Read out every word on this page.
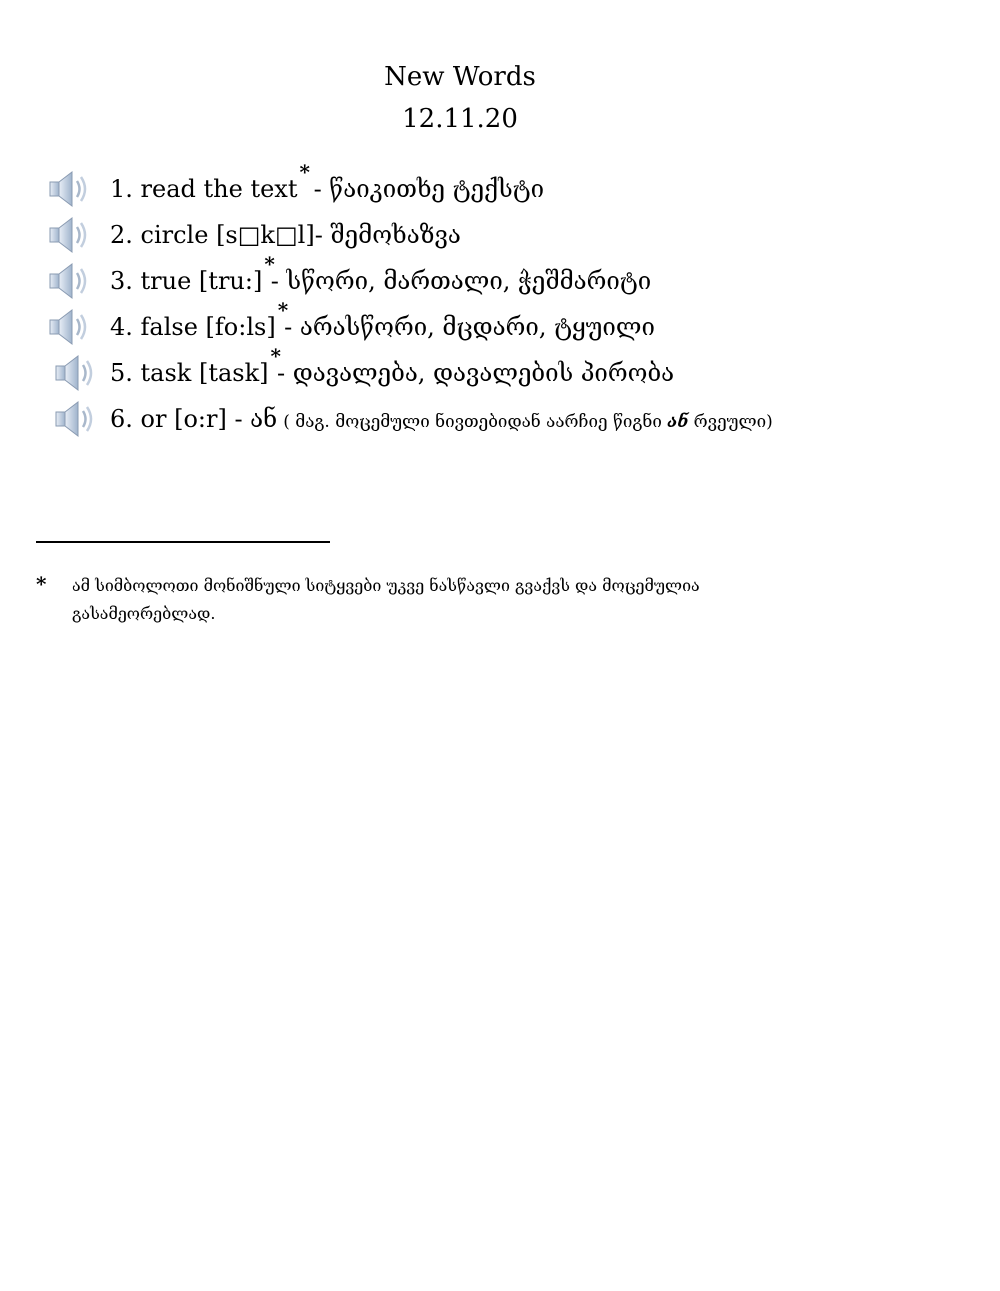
New Words
12.11.20
1. read the text* - წაიკითხე ტექსტი
2. circle [s□k□l]- შემოხაზვა
3. true [tru:]*- სწორი, მართალი, ჭეშმარიტი
4. false [fo:ls]*- არასწორი, მცდარი, ტყუილი
5. task [task]*- დავალება, დავალების პირობა
6. or [o:r] - ან ( მაგ. მოცემული ნივთებიდან აარჩიე წიგნი ან რვეული)
* ამ სიმბოლოთი მონიშნული სიტყვები უკვე ნასწავლი გვაქვს და მოცემულია
გასამეორებლად.
